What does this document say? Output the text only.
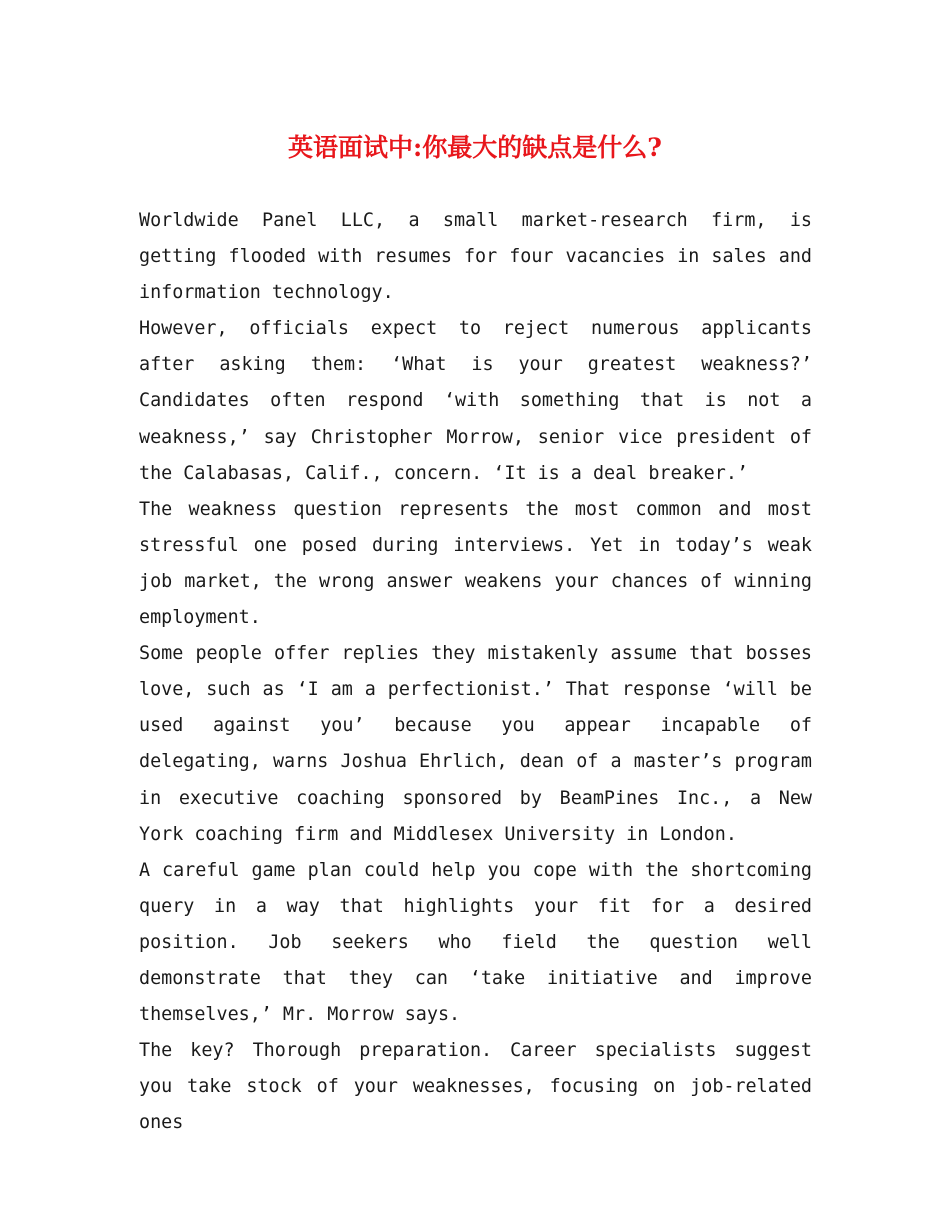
英语面试中:你最大的缺点是什么?

Worldwide Panel LLC, a small market-research firm, is getting flooded with resumes for four vacancies in sales and information technology.

However, officials expect to reject numerous applicants after asking them: ‘What is your greatest weakness?’ Candidates often respond ‘with something that is not a weakness,’ say Christopher Morrow, senior vice president of the Calabasas, Calif., concern. ‘It is a deal breaker.’

The weakness question represents the most common and most stressful one posed during interviews. Yet in today’s weak job market, the wrong answer weakens your chances of winning employment.

Some people offer replies they mistakenly assume that bosses love, such as ‘I am a perfectionist.’ That response ‘will be used against you’ because you appear incapable of delegating, warns Joshua Ehrlich, dean of a master’s program in executive coaching sponsored by BeamPines Inc., a New York coaching firm and Middlesex University in London.

A careful game plan could help you cope with the shortcoming query in a way that highlights your fit for a desired position. Job seekers who field the question well demonstrate that they can ‘take initiative and improve themselves,’ Mr. Morrow says.

The key? Thorough preparation. Career specialists suggest you take stock of your weaknesses, focusing on job-related ones
